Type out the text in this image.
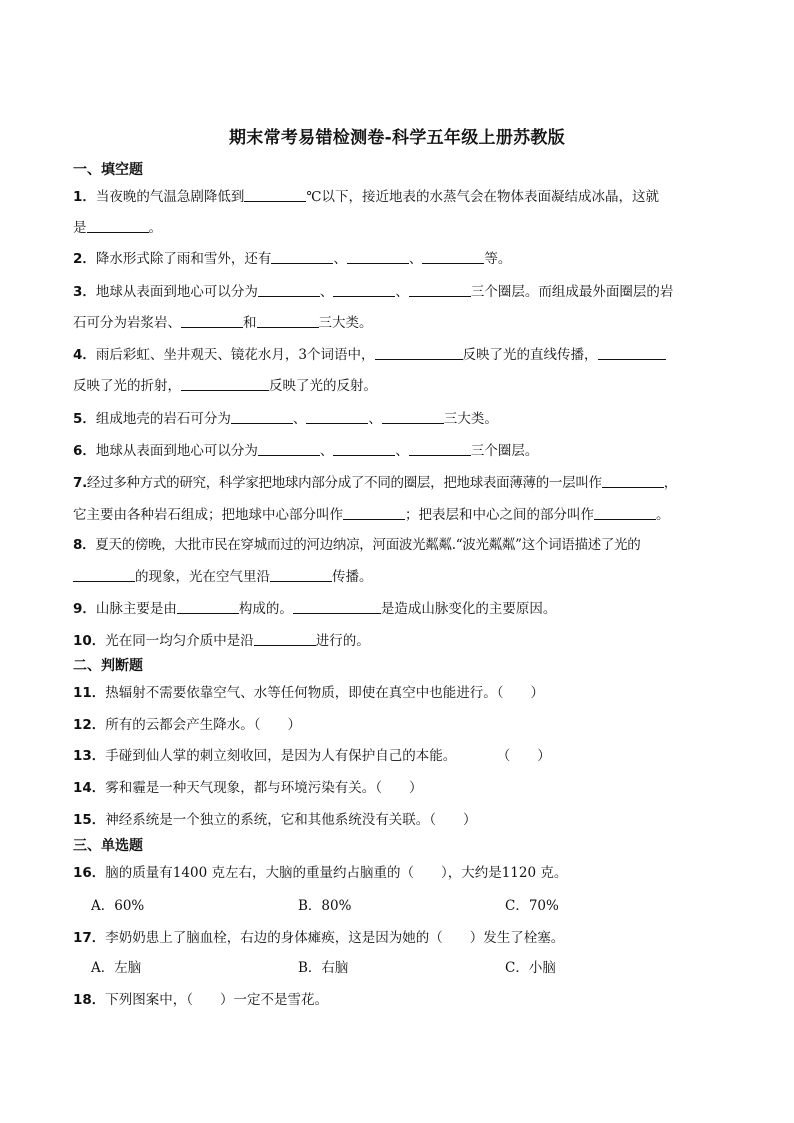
期末常考易错检测卷-科学五年级上册苏教版
一、填空题
1．当夜晚的气温急剧降低到	℃以下，接近地表的水蒸气会在物体表面凝结成冰晶，这就
是	。
2．降水形式除了雨和雪外，还有	、	、	等。
3．地球从表面到地心可以分为	、	、	三个圈层。而组成最外面圈层的岩
石可分为岩浆岩、	和	三大类。
4．雨后彩虹、坐井观天、镜花水月，3个词语中，	反映了光的直线传播，
反映了光的折射，	反映了光的反射。
5．组成地壳的岩石可分为	、	、	三大类。
6．地球从表面到地心可以分为	、	、	三个圈层。
7.经过多种方式的研究，科学家把地球内部分成了不同的圈层，把地球表面薄薄的一层叫作	，
它主要由各种岩石组成；把地球中心部分叫作	；把表层和中心之间的部分叫作	。
8．夏天的傍晚，大批市民在穿城而过的河边纳凉，河面波光粼粼.“波光粼粼”这个词语描述了光的
的现象，光在空气里沿	传播。
9．山脉主要是由	构成的。	是造成山脉变化的主要原因。
10．光在同一均匀介质中是沿	进行的。
二、判断题
11．热辐射不需要依靠空气、水等任何物质，即使在真空中也能进行。（　　）
12．所有的云都会产生降水。（　　）
13．手碰到仙人掌的刺立刻收回，是因为人有保护自己的本能。　　　　（　　）
14．雾和霾是一种天气现象，都与环境污染有关。（　　）
15．神经系统是一个独立的系统，它和其他系统没有关联。（　　）
三、单选题
16．脑的质量有1400 克左右，大脑的重量约占脑重的（　　），大约是1120 克。
A．60%	B．80%	C．70%
17．李奶奶患上了脑血栓，右边的身体瘫痪，这是因为她的（　　）发生了栓塞。
A．左脑	B．右脑	C．小脑
18．下列图案中，（　　）一定不是雪花。
